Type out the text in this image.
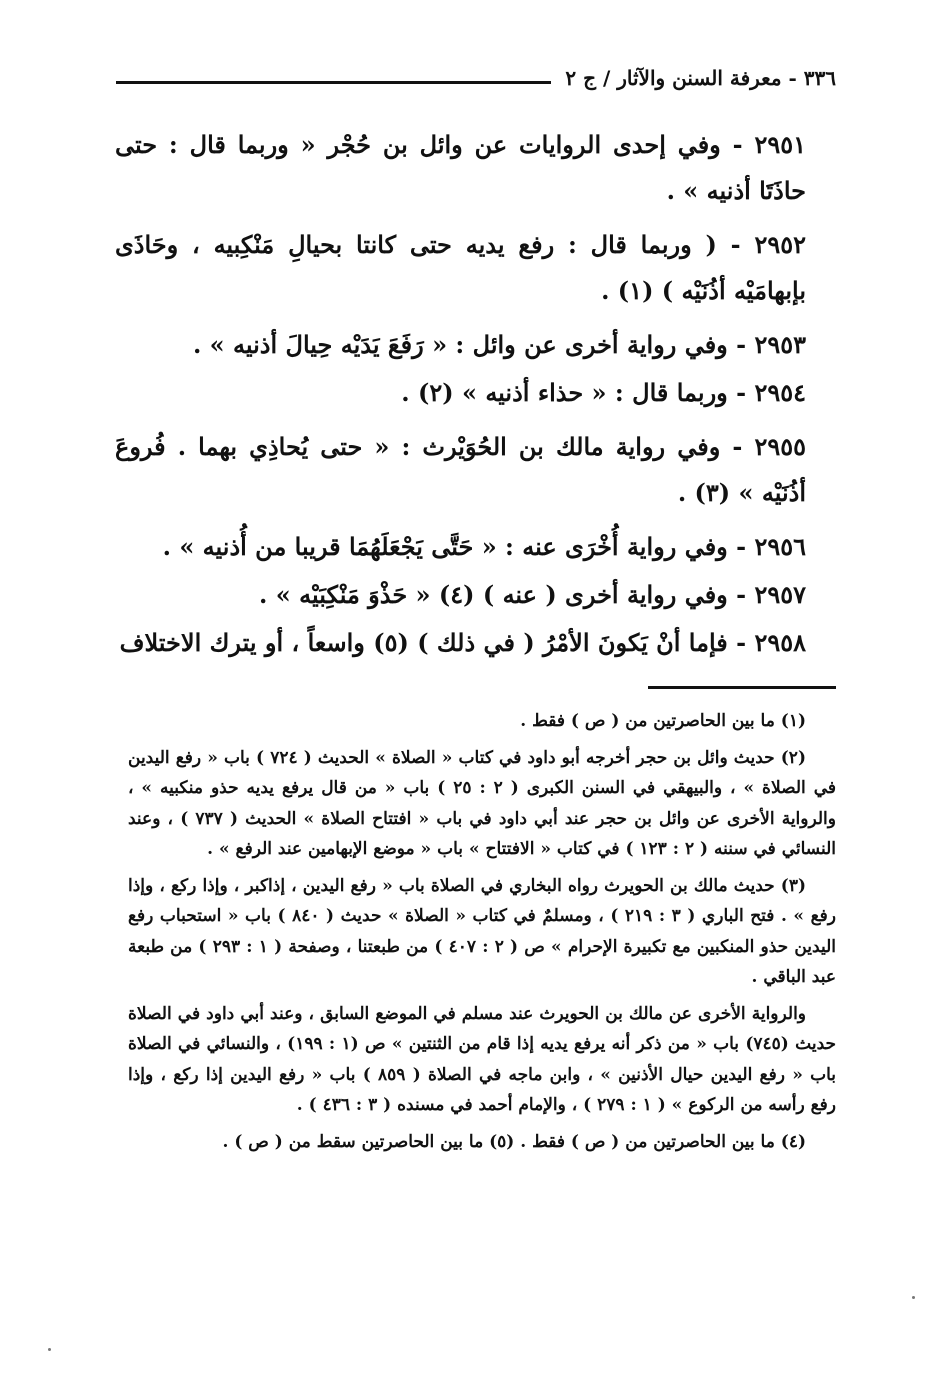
٣٣٦ - معرفة السنن والآثار / ج ٢

٢٩٥١ - وفي إحدى الروايات عن وائل بن حُجْر « وربما قال : حتى حاذَتَا أذنيه » .

٢٩٥٢ - ( وربما قال : رفع يديه حتى كانتا بحيالِ مَنْكِبيه ، وحَاذَى بإبهامَيْه أذُنَيْه ) (١) .

٢٩٥٣ - وفي رواية أخرى عن وائل : « رَفَعَ يَدَيْه حِيالَ أذنيه » .

٢٩٥٤ - وربما قال : « حذاء أذنيه » (٢) .

٢٩٥٥ - وفي رواية مالك بن الحُوَيْرث : « حتى يُحاذِي بهما . فُروعَ أذُنَيْه » (٣) .

٢٩٥٦ - وفي رواية أُخْرَى عنه : « حَتَّى يَجْعَلَهُمَا قريبا من أُذنيه » .

٢٩٥٧ - وفي رواية أخرى ( عنه ) (٤) « حَذْوَ مَنْكِبَيْه » .

٢٩٥٨ - فإما أنْ يَكونَ الأمْرُ ( في ذلك ) (٥) واسعاً ، أو يترك الاختلاف

(١) ما بين الحاصرتين من ( ص ) فقط .

(٢) حديث وائل بن حجر أخرجه أبو داود في كتاب « الصلاة » الحديث ( ٧٢٤ ) باب « رفع اليدين في الصلاة » ، والبيهقي في السنن الكبرى ( ٢ : ٢٥ ) باب « من قال يرفع يديه حذو منكبيه » ، والرواية الأخرى عن وائل بن حجر عند أبي داود في باب « افتتاح الصلاة » الحديث ( ٧٣٧ ) ، وعند النسائي في سننه ( ٢ : ١٢٣ ) في كتاب « الافتتاح » باب « موضع الإبهامين عند الرفع » .

(٣) حديث مالك بن الحويرث رواه البخاري في الصلاة باب « رفع اليدين ، إذاكبر ، وإذا ركع ، وإذا رفع » . فتح الباري ( ٣ : ٢١٩ ) ، ومسلمٌ في كتاب « الصلاة » حديث ( ٨٤٠ ) باب « استحباب رفع اليدين حذو المنكبين مع تكبيرة الإحرام » ص ( ٢ : ٤٠٧ ) من طبعتنا ، وصفحة ( ١ : ٢٩٣ ) من طبعة عبد الباقي .

والرواية الأخرى عن مالك بن الحويرث عند مسلم في الموضع السابق ، وعند أبي داود في الصلاة حديث (٧٤٥) باب « من ذكر أنه يرفع يديه إذا قام من الثنتين » ص (١ : ١٩٩) ، والنسائي في الصلاة باب « رفع اليدين حيال الأذنين » ، وابن ماجه في الصلاة ( ٨٥٩ ) باب « رفع اليدين إذا ركع ، وإذا رفع رأسه من الركوع » ( ١ : ٢٧٩ ) ، والإمام أحمد في مسنده ( ٣ : ٤٣٦ ) .

(٤) ما بين الحاصرتين من ( ص ) فقط . (٥) ما بين الحاصرتين سقط من ( ص ) .
